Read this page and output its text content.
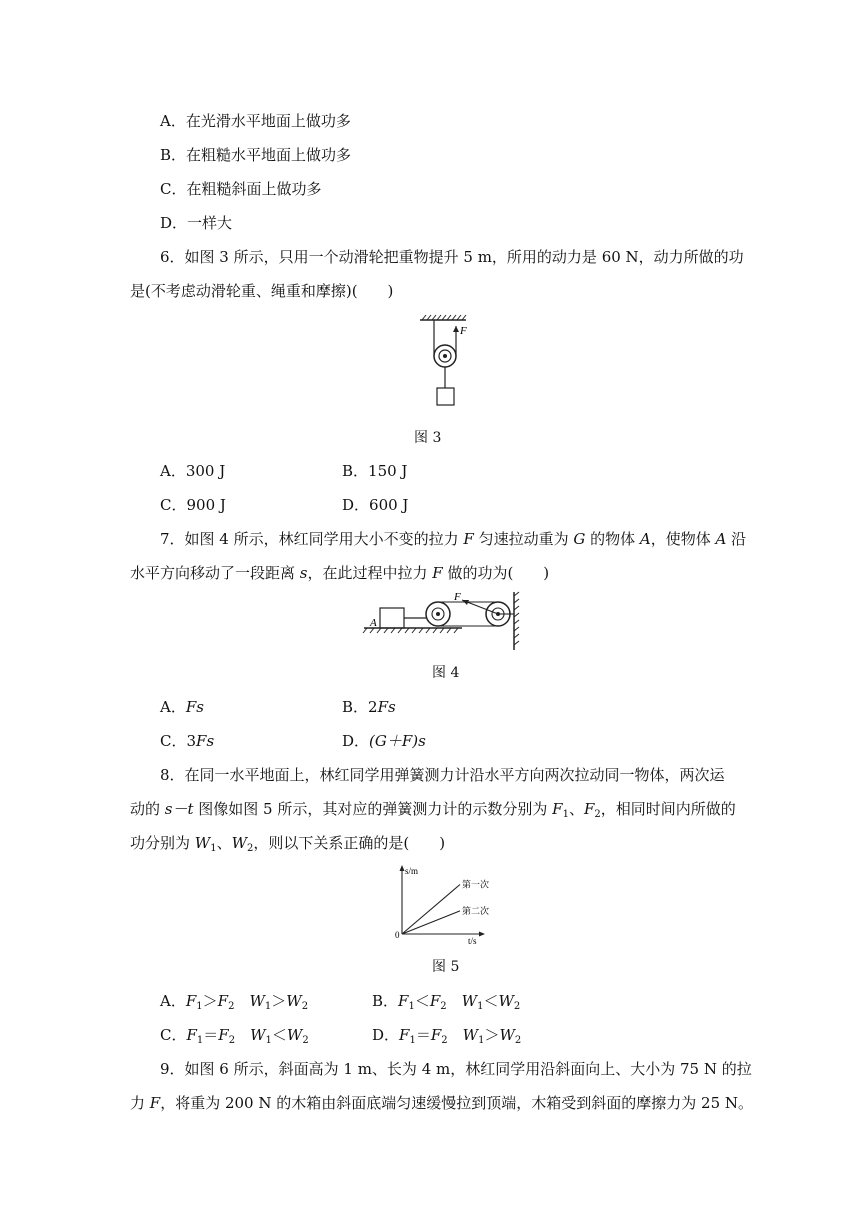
A．在光滑水平地面上做功多
B．在粗糙水平地面上做功多
C．在粗糙斜面上做功多
D．一样大
6．如图 3 所示，只用一个动滑轮把重物提升 5 m，所用的动力是 60 N，动力所做的功
是(不考虑动滑轮重、绳重和摩擦)(　　)
F
图 3
A．300 J	B．150 J
C．900 J	D．600 J
7．如图 4 所示，林红同学用大小不变的拉力 F 匀速拉动重为 G 的物体 A，使物体 A 沿
水平方向移动了一段距离 s，在此过程中拉力 F 做的功为(　　)
A
F
图 4
A．Fs	B．2Fs
C．3Fs	D．(G＋F)s
8．在同一水平地面上，林红同学用弹簧测力计沿水平方向两次拉动同一物体，两次运
动的 s－t 图像如图 5 所示，其对应的弹簧测力计的示数分别为 $F_1$、$F_2$，相同时间内所做的
功分别为 $W_1$、$W_2$，则以下关系正确的是(　　)
s/m
t/s
0
第一次
第二次
图 5
A．$F_1>F_2$　 $W_1>W_2$	B．$F_1<F_2$　 $W_1<W_2$
C．$F_1=F_2$　 $W_1<W_2$	D．$F_1=F_2$　 $W_1>W_2$
9．如图 6 所示，斜面高为 1 m、长为 4 m，林红同学用沿斜面向上、大小为 75 N 的拉
力 F，将重为 200 N 的木箱由斜面底端匀速缓慢拉到顶端，木箱受到斜面的摩擦力为 25 N。
